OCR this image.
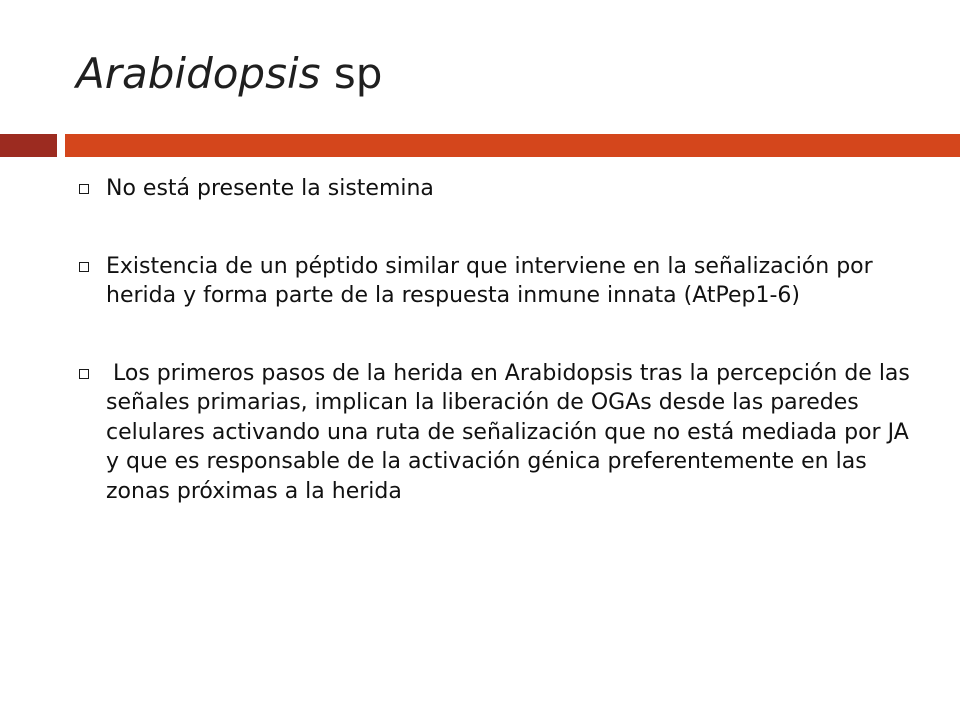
Arabidopsis sp
No está presente la sistemina
Existencia de un péptido similar que interviene en la señalización por herida y forma parte de la respuesta inmune innata (AtPep1-6)
Los primeros pasos de la herida en Arabidopsis tras la percepción de las señales primarias, implican la liberación de OGAs desde las paredes celulares activando una ruta de señalización que no está mediada por JA y que es responsable de la activación génica preferentemente en las zonas próximas a la herida
